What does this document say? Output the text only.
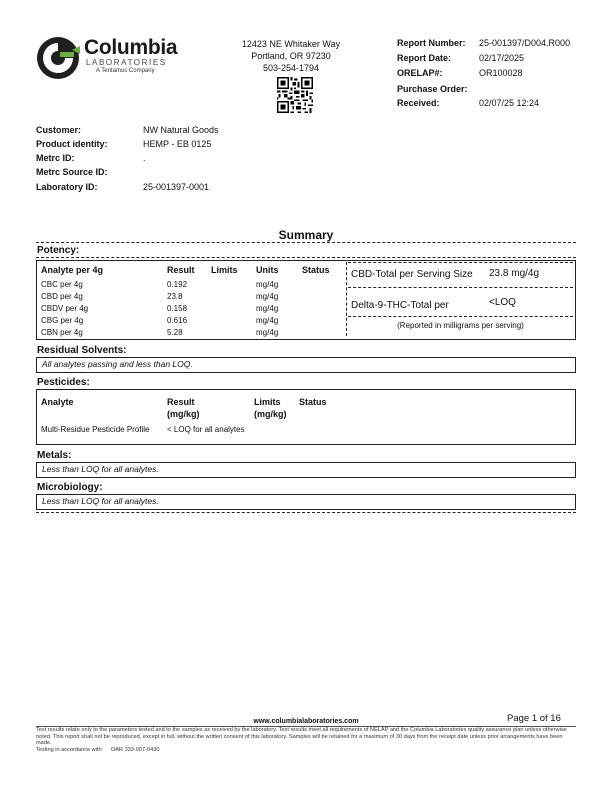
Columbia
LABORATORIES
A Tentamus Company
12423 NE Whitaker Way
Portland, OR 97230
503-254-1794
Report Number: 25-001397/D004.R000
Report Date:	02/17/2025
ORELAP#:	OR100028
Purchase Order:
Received:	02/07/25 12:24
Customer:	NW Natural Goods
Product identity:	HEMP - EB 0125
Metrc ID:	.
Metrc Source ID:
Laboratory ID:	25-001397-0001
Summary
Potency:
Analyte per 4g	Result Limits Units	Status
CBC per 4g	0.192	mg/4g
CBD per 4g	23.8	mg/4g
CBDV per 4g	0.158	mg/4g
CBG per 4g	0.616	mg/4g
CBN per 4g	5.28	mg/4g
CBD-Total per Serving Size 23.8 mg/4g
Delta-9-THC-Total per	<LOQ
(Reported in milligrams per serving)
Residual Solvents:
All analytes passing and less than LOQ.
Pesticides:
Analyte	Result
(mg/kg)
Limits
(mg/kg)
Status
Multi-Residue Pesticide Profile < LOQ for all analytes
Metals:
Less than LOQ for all analytes.
Microbiology:
Less than LOQ for all analytes.
Page 1 of 16
www.columbialaboratories.com
Test results relate only to the parameters tested and to the samples as received by the laboratory. Test results meet all requirements of NELAP and the Columbia Laboratories quality assurance plan unless otherwise noted. This report shall not be reproduced, except in full, without the written consent of this laboratory. Samples will be retained for a maximum of 30 days from the receipt date unless prior arrangements have been made.
Testing in accordance with:     OAR 333-007-0430
